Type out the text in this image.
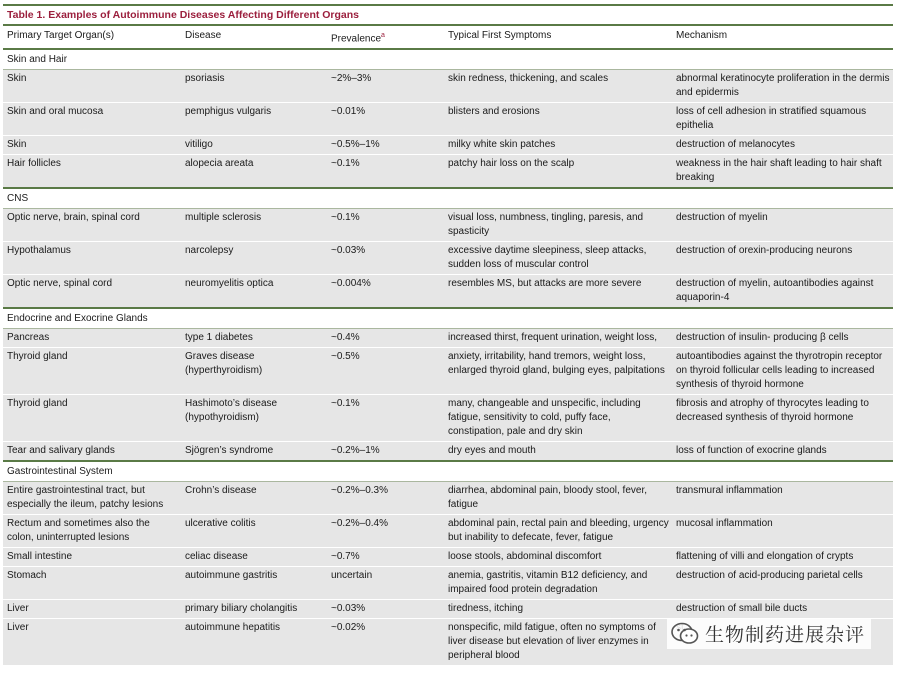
Table 1. Examples of Autoimmune Diseases Affecting Different Organs
Primary Target Organ(s)	Disease	Prevalence$^a$	Typical First Symptoms	Mechanism
Skin and Hair				
Skin	psoriasis	~2%–3%	skin redness, thickening, and scales	abnormal keratinocyte proliferation in the dermis and epidermis
Skin and oral mucosa	pemphigus vulgaris	~0.01%	blisters and erosions	loss of cell adhesion in stratified squamous epithelia
Skin	vitiligo	~0.5%–1%	milky white skin patches	destruction of melanocytes
Hair follicles	alopecia areata	~0.1%	patchy hair loss on the scalp	weakness in the hair shaft leading to hair shaft breaking
CNS				
Optic nerve, brain, spinal cord	multiple sclerosis	~0.1%	visual loss, numbness, tingling, paresis, and spasticity	destruction of myelin
Hypothalamus	narcolepsy	~0.03%	excessive daytime sleepiness, sleep attacks, sudden loss of muscular control	destruction of orexin-producing neurons
Optic nerve, spinal cord	neuromyelitis optica	~0.004%	resembles MS, but attacks are more severe	destruction of myelin, autoantibodies against aquaporin-4
Endocrine and Exocrine Glands				
Pancreas	type 1 diabetes	~0.4%	increased thirst, frequent urination, weight loss,	destruction of insulin- producing β cells
Thyroid gland	Graves disease (hyperthyroidism)	~0.5%	anxiety, irritability, hand tremors, weight loss, enlarged thyroid gland, bulging eyes, palpitations	autoantibodies against the thyrotropin receptor on thyroid follicular cells leading to increased synthesis of thyroid hormone
Thyroid gland	Hashimoto’s disease (hypothyroidism)	~0.1%	many, changeable and unspecific, including fatigue, sensitivity to cold, puffy face, constipation, pale and dry skin	fibrosis and atrophy of thyrocytes leading to decreased synthesis of thyroid hormone
Tear and salivary glands	Sjögren’s syndrome	~0.2%–1%	dry eyes and mouth	loss of function of exocrine glands
Gastrointestinal System				
Entire gastrointestinal tract, but especially the ileum, patchy lesions	Crohn’s disease	~0.2%–0.3%	diarrhea, abdominal pain, bloody stool, fever, fatigue	transmural inflammation
Rectum and sometimes also the colon, uninterrupted lesions	ulcerative colitis	~0.2%–0.4%	abdominal pain, rectal pain and bleeding, urgency but inability to defecate, fever, fatigue	mucosal inflammation
Small intestine	celiac disease	~0.7%	loose stools, abdominal discomfort	flattening of villi and elongation of crypts
Stomach	autoimmune gastritis	uncertain	anemia, gastritis, vitamin B12 deficiency, and impaired food protein degradation	destruction of acid-producing parietal cells
Liver	primary biliary cholangitis	~0.03%	tiredness, itching	destruction of small bile ducts
Liver	autoimmune hepatitis	~0.02%	nonspecific, mild fatigue, often no symptoms of liver disease but elevation of liver enzymes in peripheral blood	
生物制药进展杂评
